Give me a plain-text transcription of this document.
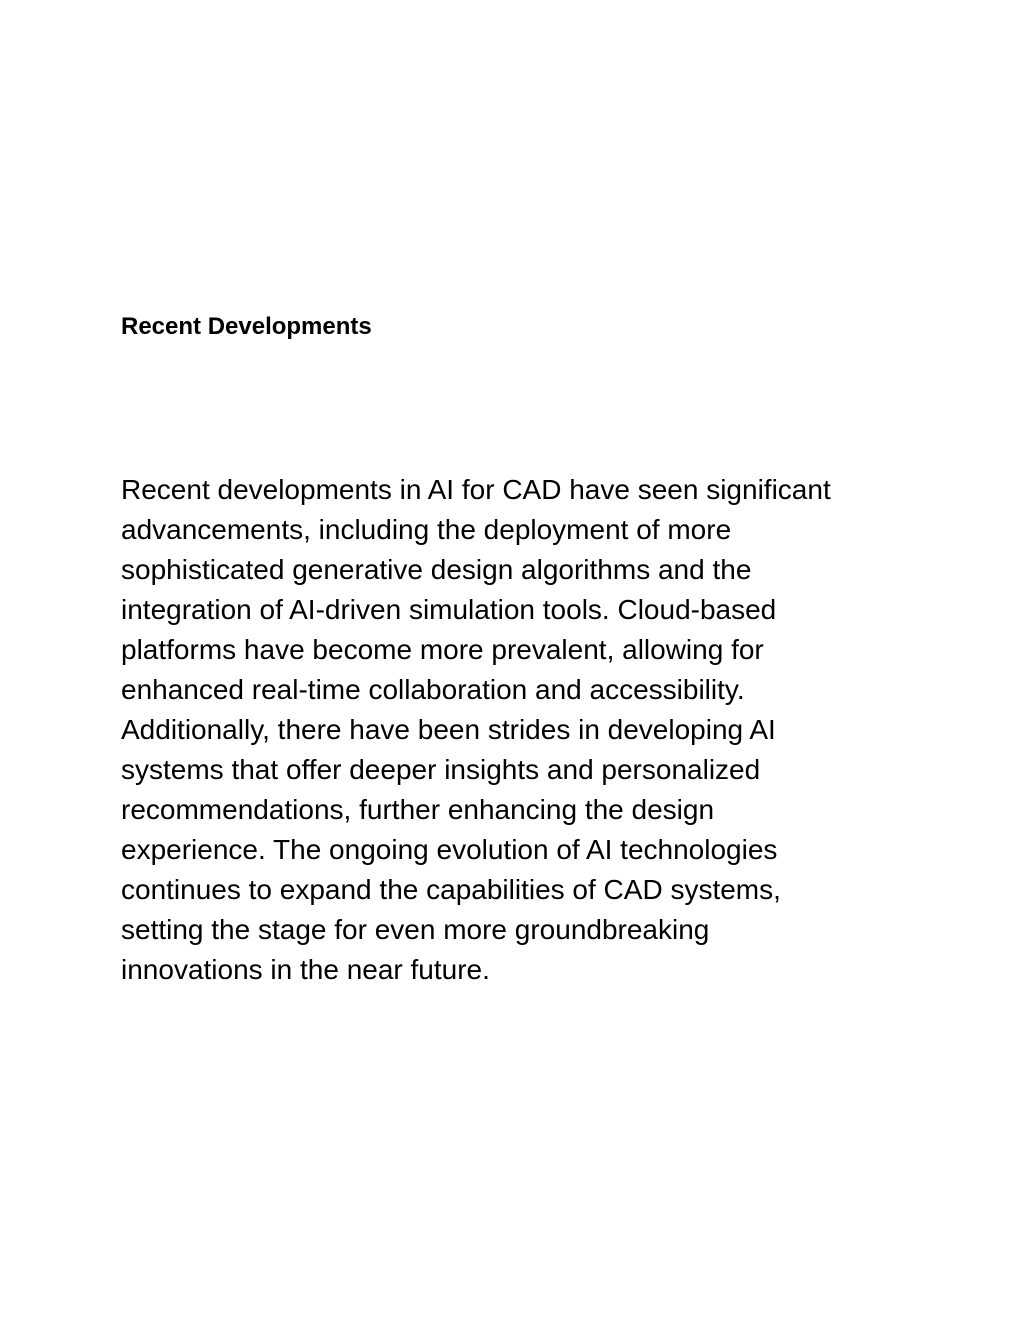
Recent Developments

Recent developments in AI for CAD have seen significant
advancements, including the deployment of more
sophisticated generative design algorithms and the
integration of AI-driven simulation tools. Cloud-based
platforms have become more prevalent, allowing for
enhanced real-time collaboration and accessibility.
Additionally, there have been strides in developing AI
systems that offer deeper insights and personalized
recommendations, further enhancing the design
experience. The ongoing evolution of AI technologies
continues to expand the capabilities of CAD systems,
setting the stage for even more groundbreaking
innovations in the near future.
